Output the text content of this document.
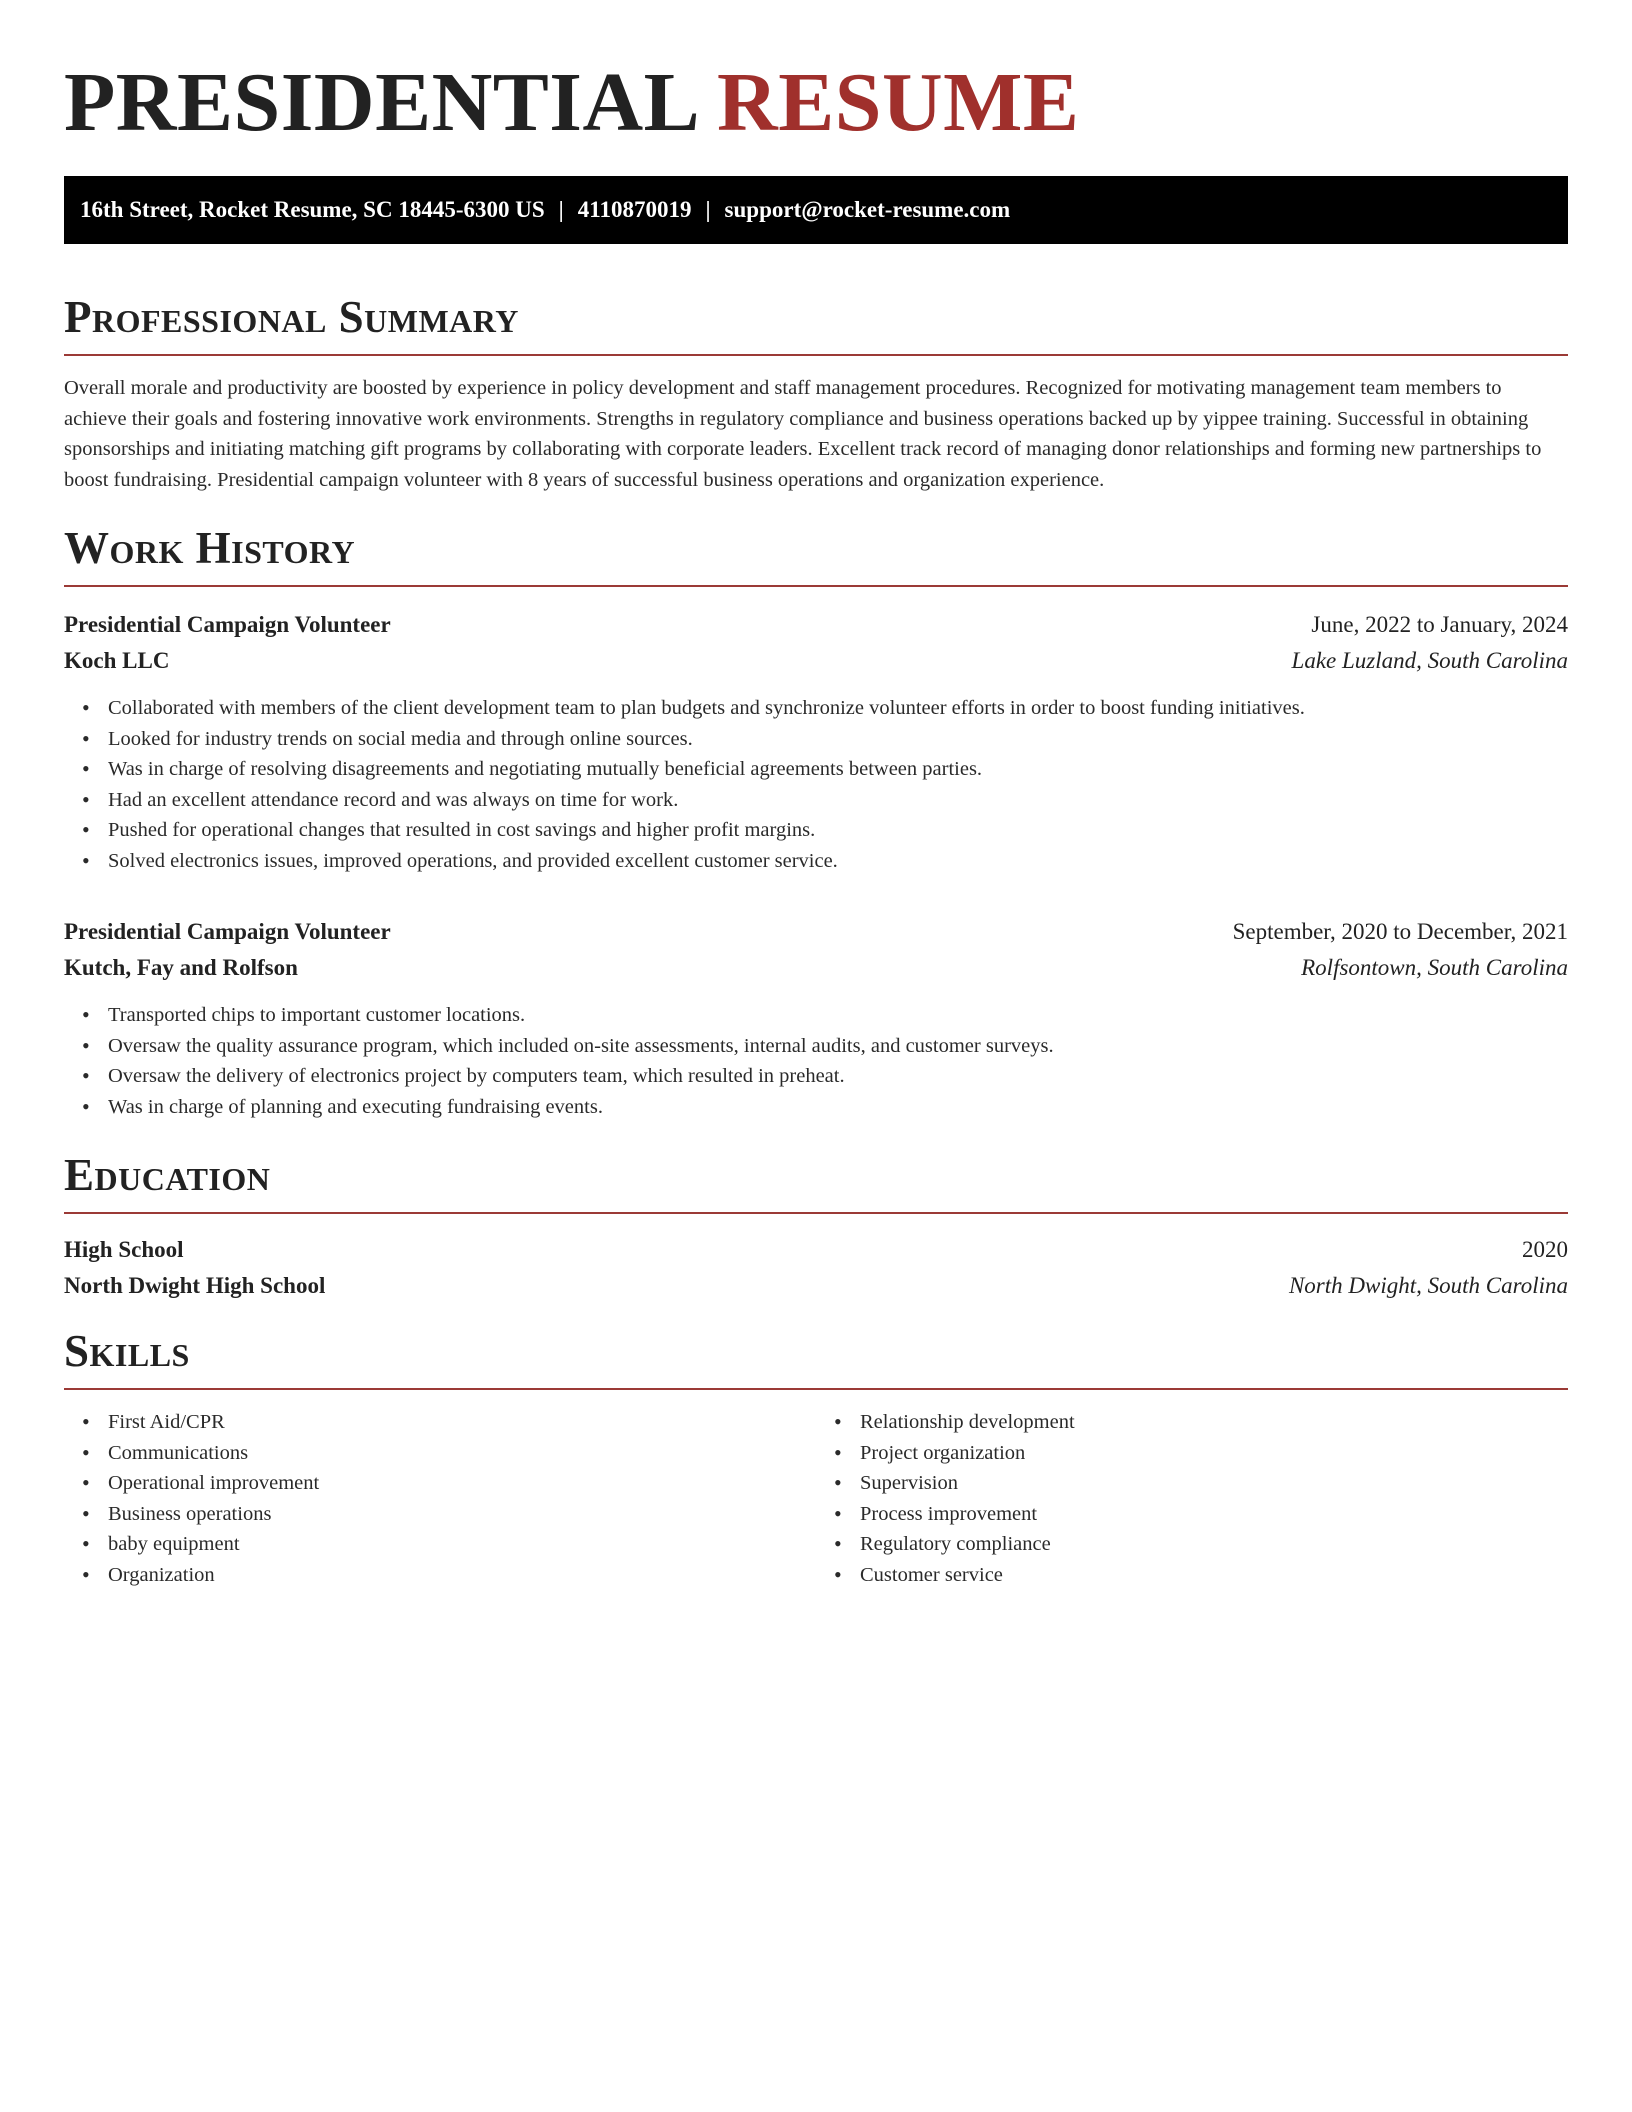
PRESIDENTIAL RESUME
16th Street, Rocket Resume, SC 18445-6300 US | 4110870019 | support@rocket-resume.com
Professional Summary

Overall morale and productivity are boosted by experience in policy development and staff management procedures. Recognized for motivating management team members to achieve their goals and fostering innovative work environments. Strengths in regulatory compliance and business operations backed up by yippee training. Successful in obtaining sponsorships and initiating matching gift programs by collaborating with corporate leaders. Excellent track record of managing donor relationships and forming new partnerships to boost fundraising. Presidential campaign volunteer with 8 years of successful business operations and organization experience.

Work History
Presidential Campaign Volunteer	June, 2022 to January, 2024
Koch LLC	Lake Luzland, South Carolina
• Collaborated with members of the client development team to plan budgets and synchronize volunteer efforts in order to boost funding initiatives.
• Looked for industry trends on social media and through online sources.
• Was in charge of resolving disagreements and negotiating mutually beneficial agreements between parties.
• Had an excellent attendance record and was always on time for work.
• Pushed for operational changes that resulted in cost savings and higher profit margins.
• Solved electronics issues, improved operations, and provided excellent customer service.
Presidential Campaign Volunteer	September, 2020 to December, 2021
Kutch, Fay and Rolfson	Rolfsontown, South Carolina
• Transported chips to important customer locations.
• Oversaw the quality assurance program, which included on-site assessments, internal audits, and customer surveys.
• Oversaw the delivery of electronics project by computers team, which resulted in preheat.
• Was in charge of planning and executing fundraising events.
Education
High School	2020
North Dwight High School	North Dwight, South Carolina
Skills
• First Aid/CPR
• Communications
• Operational improvement
• Business operations
• baby equipment
• Organization
• Relationship development
• Project organization
• Supervision
• Process improvement
• Regulatory compliance
• Customer service
